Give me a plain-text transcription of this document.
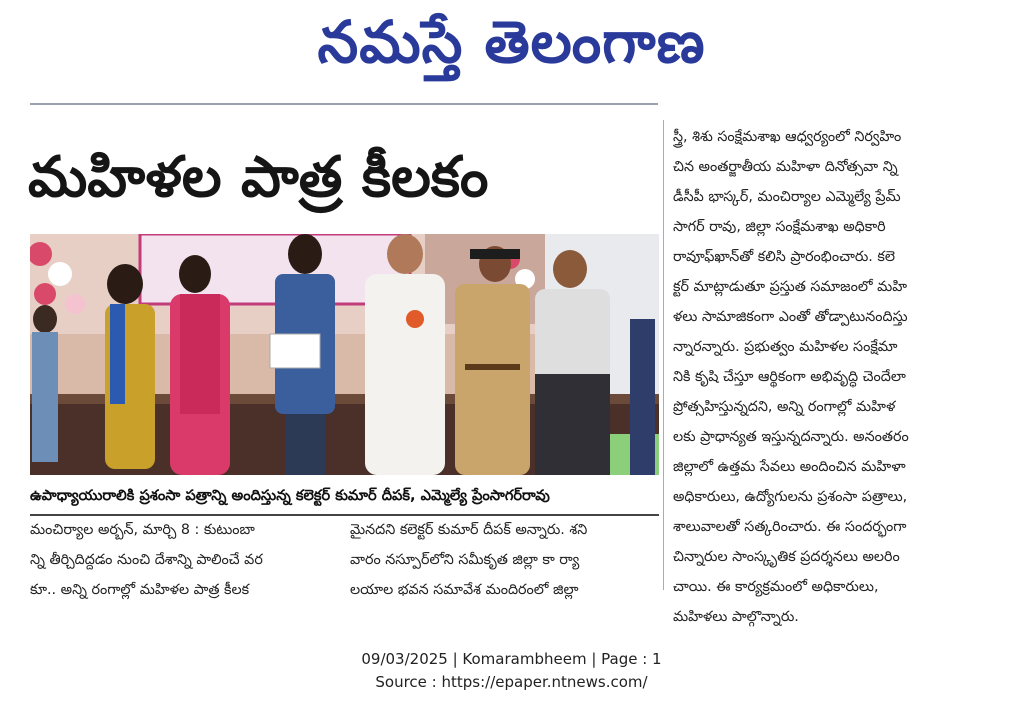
నమస్తే తెలంగాణ
మహిళల పాత్ర కీలకం
ఉపాధ్యాయురాలికి ప్రశంసా పత్రాన్ని అందిస్తున్న కలెక్టర్ కుమార్ దీపక్, ఎమ్మెల్యే ప్రేంసాగర్‌రావు

మంచిర్యాల అర్బన్, మార్చి 8 : కుటుంబా

న్ని తీర్చిదిద్దడం నుంచి దేశాన్ని పాలించే వర

కూ.. అన్ని రంగాల్లో మహిళల పాత్ర కీలక

మైనదని కలెక్టర్ కుమార్ దీపక్ అన్నారు. శని

వారం నస్పూర్‌లోని సమీకృత జిల్లా కా ర్యా

లయాల భవన సమావేశ మందిరంలో జిల్లా

స్త్రీ, శిశు సంక్షేమశాఖ ఆధ్వర్యంలో నిర్వహిం

చిన అంతర్జాతీయ మహిళా దినోత్సవా న్ని

డీసీపీ భాస్కర్, మంచిర్యాల ఎమ్మెల్యే ప్రేమ్

సాగర్ రావు, జిల్లా సంక్షేమశాఖ అధికారి

రావూఫ్‌ఖాన్‌తో కలిసి ప్రారంభించారు. కలె

క్టర్ మాట్లాడుతూ ప్రస్తుత సమాజంలో మహి

ళలు సామాజికంగా ఎంతో తోడ్పాటునందిస్తు

న్నారన్నారు. ప్రభుత్వం మహిళల సంక్షేమా

నికి కృషి చేస్తూ ఆర్థికంగా అభివృద్ధి చెందేలా

ప్రోత్సహిస్తున్నదని, అన్ని రంగాల్లో మహిళ

లకు ప్రాధాన్యత ఇస్తున్నదన్నారు. అనంతరం

జిల్లాలో ఉత్తమ సేవలు అందించిన మహిళా

అధికారులు, ఉద్యోగులను ప్రశంసా పత్రాలు,

శాలువాలతో సత్కరించారు. ఈ సందర్భంగా

చిన్నారుల సాంస్కృతిక ప్రదర్శనలు అలరిం

చాయి. ఈ కార్యక్రమంలో అధికారులు,

మహిళలు పాల్గొన్నారు.

09/03/2025 | Komarambheem | Page : 1
Source : https://epaper.ntnews.com/
